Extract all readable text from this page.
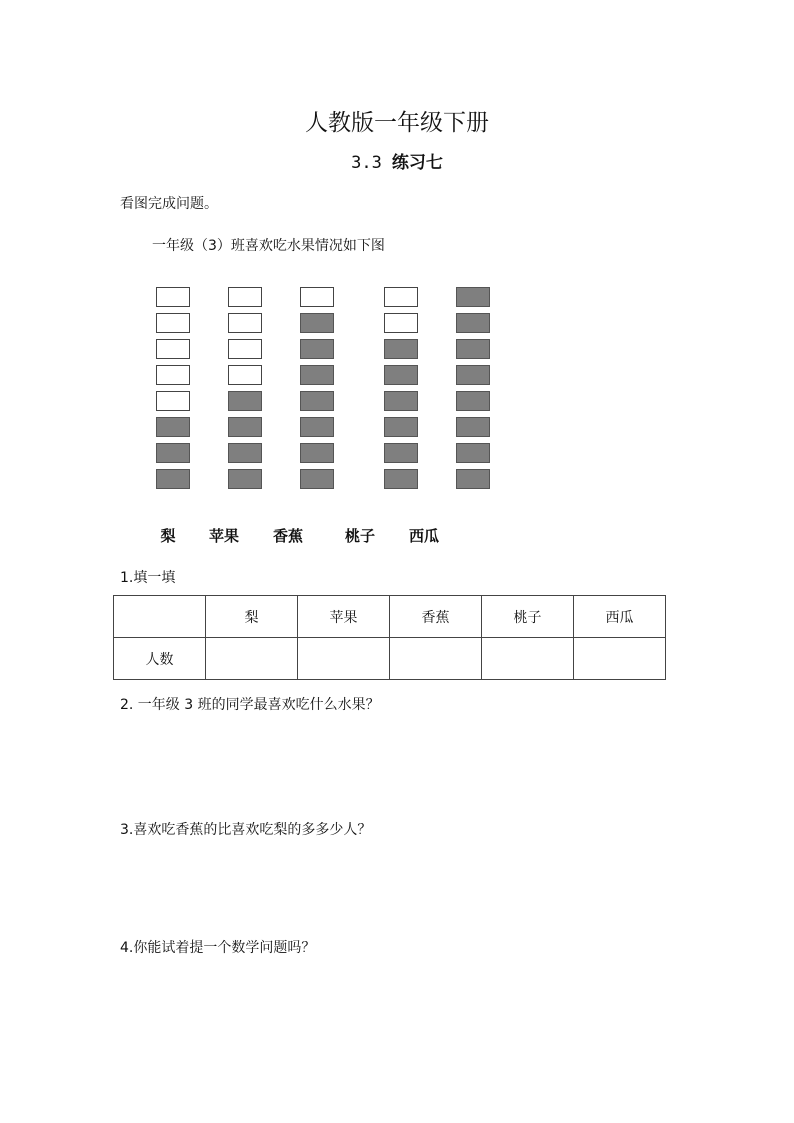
人教版一年级下册
3.3 练习七
看图完成问题。
一年级（3）班喜欢吃水果情况如下图
梨	苹果	香蕉	桃子	西瓜
1.填一填
	梨	苹果	香蕉	桃子	西瓜
人数					
2. 一年级 3 班的同学最喜欢吃什么水果？
3.喜欢吃香蕉的比喜欢吃梨的多多少人？
4.你能试着提一个数学问题吗？
